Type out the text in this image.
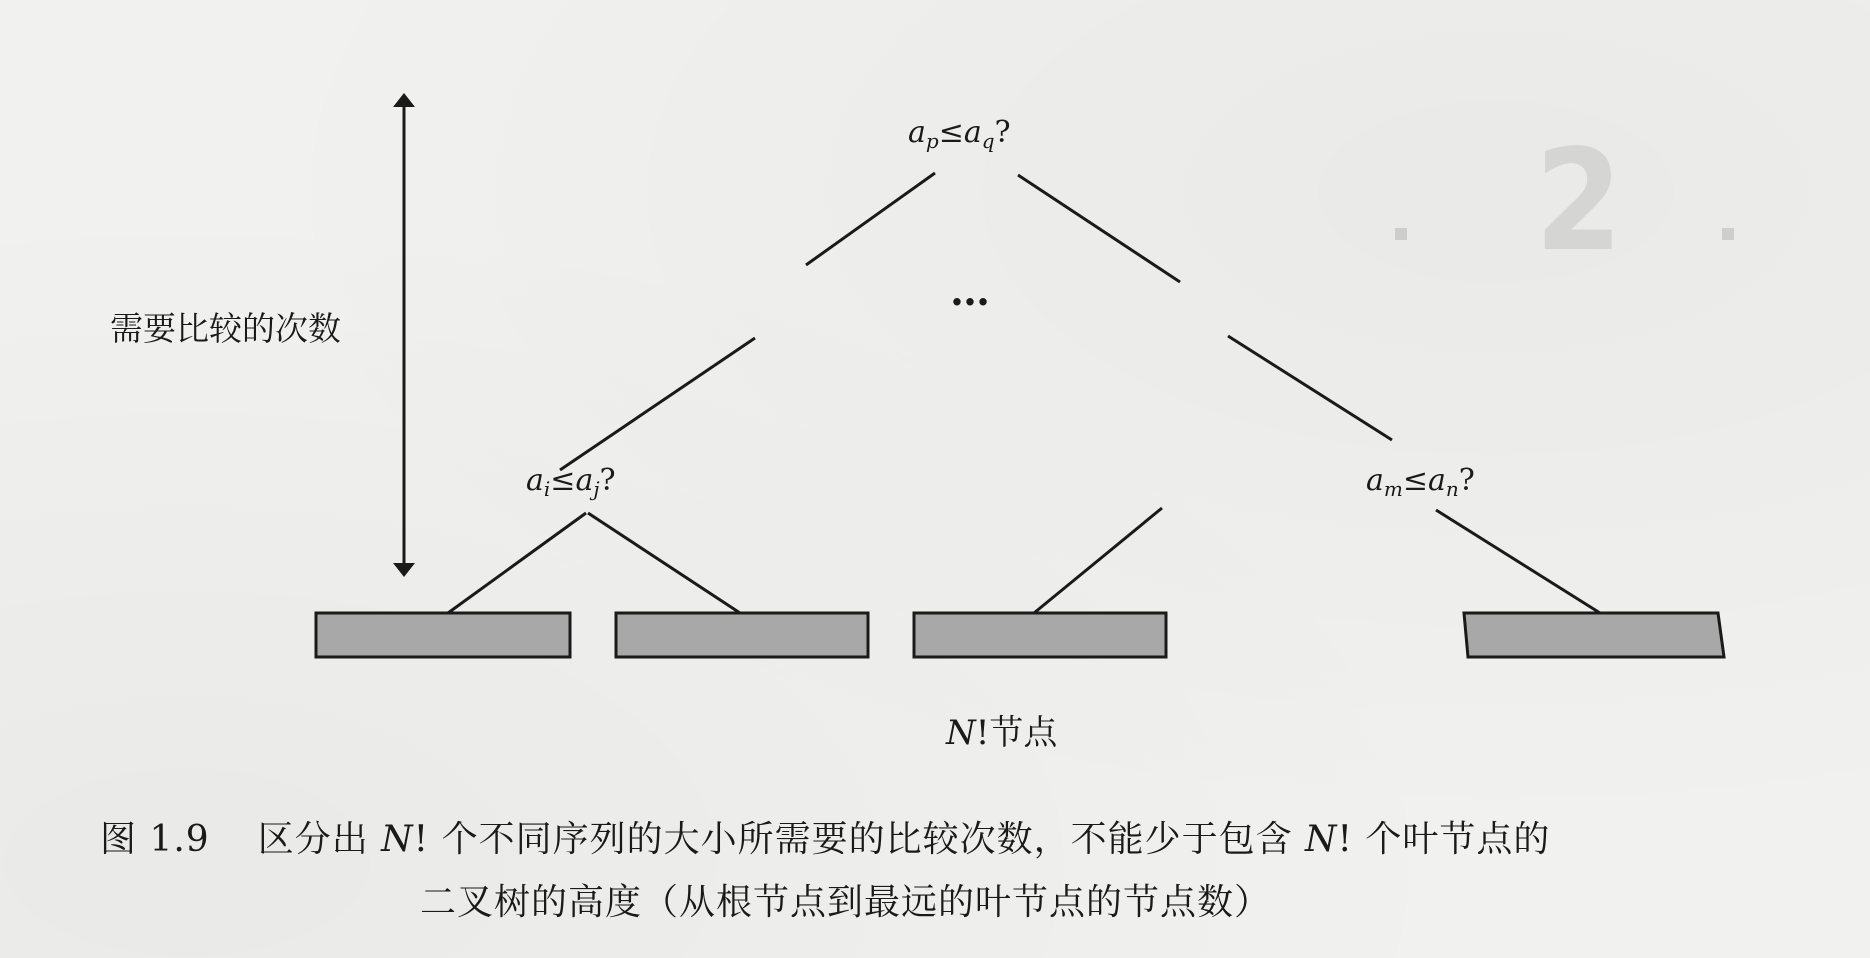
2
需要比较的次数
$a_p\le a_q$?
…
$a_i\le a_j$?	$a_m\le a_n$?
N!节点
图 1.9 区分出 N! 个不同序列的大小所需要的比较次数，不能少于包含 N! 个叶节点的
二叉树的高度（从根节点到最远的叶节点的节点数）
